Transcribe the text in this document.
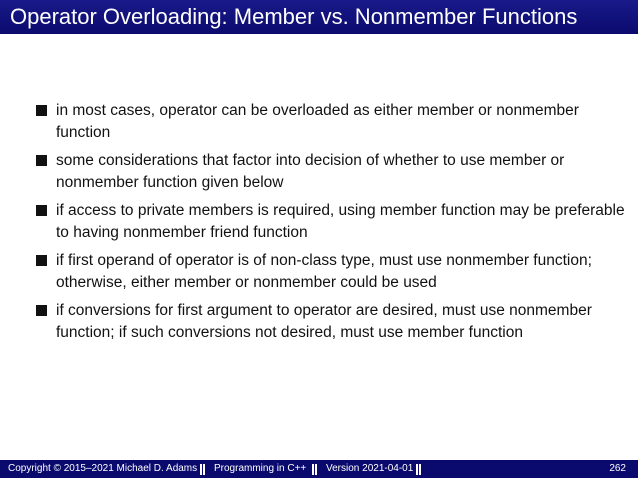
Operator Overloading: Member vs. Nonmember Functions
in most cases, operator can be overloaded as either member or nonmember function
some considerations that factor into decision of whether to use member or nonmember function given below
if access to private members is required, using member function may be preferable to having nonmember friend function
if first operand of operator is of non-class type, must use nonmember function; otherwise, either member or nonmember could be used
if conversions for first argument to operator are desired, must use nonmember function; if such conversions not desired, must use member function
Copyright © 2015–2021 Michael D. Adams Programming in C++ Version 2021-04-01	262
